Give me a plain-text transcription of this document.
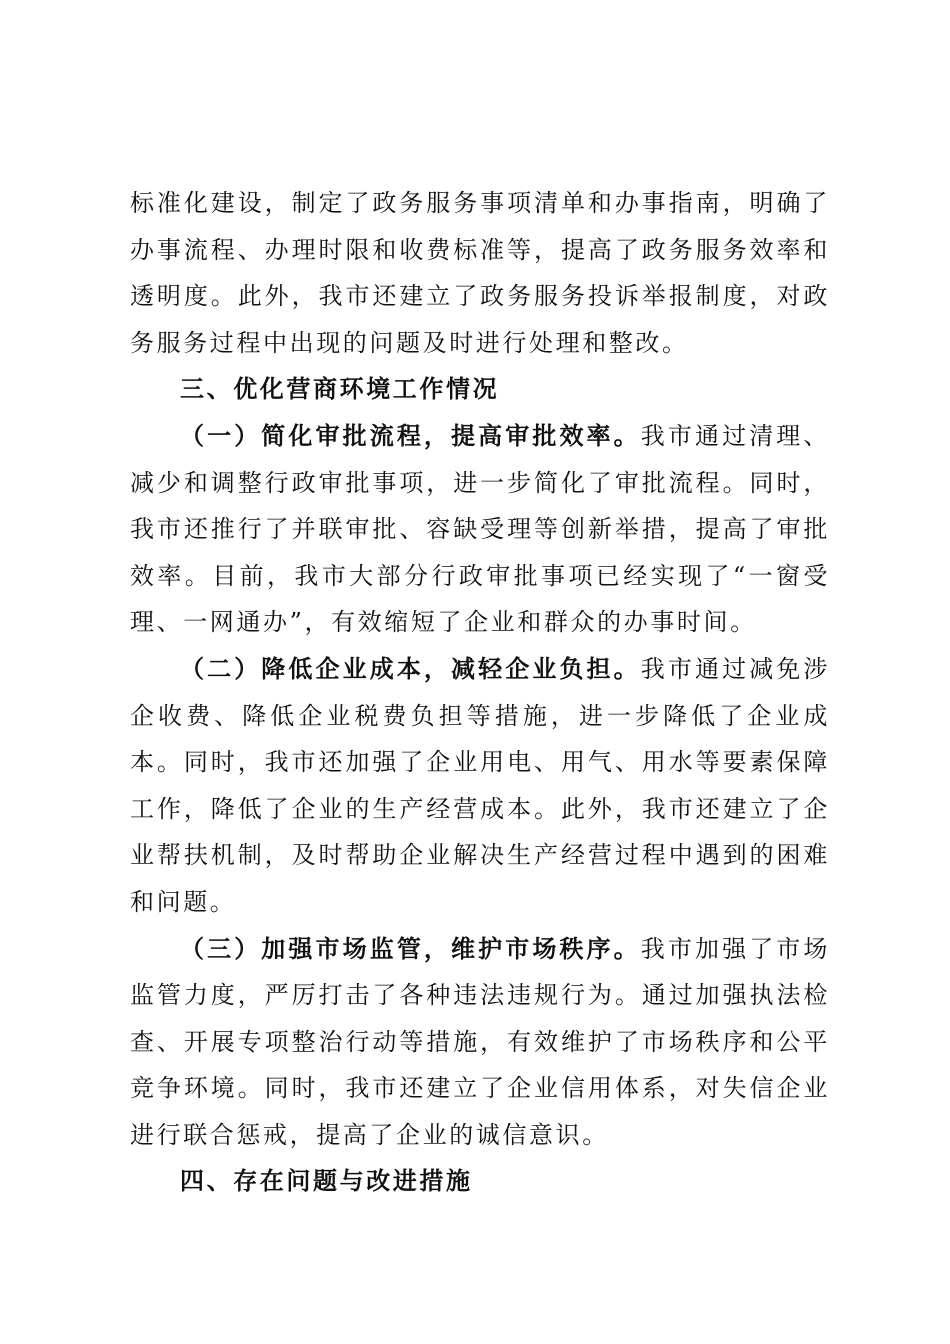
标准化建设，制定了政务服务事项清单和办事指南，明确了办事流程、办理时限和收费标准等，提高了政务服务效率和透明度。此外，我市还建立了政务服务投诉举报制度，对政务服务过程中出现的问题及时进行处理和整改。

三、优化营商环境工作情况

（一）简化审批流程，提高审批效率。我市通过清理、减少和调整行政审批事项，进一步简化了审批流程。同时，我市还推行了并联审批、容缺受理等创新举措，提高了审批效率。目前，我市大部分行政审批事项已经实现了“一窗受理、一网通办”，有效缩短了企业和群众的办事时间。

（二）降低企业成本，减轻企业负担。我市通过减免涉企收费、降低企业税费负担等措施，进一步降低了企业成本。同时，我市还加强了企业用电、用气、用水等要素保障工作，降低了企业的生产经营成本。此外，我市还建立了企业帮扶机制，及时帮助企业解决生产经营过程中遇到的困难和问题。

（三）加强市场监管，维护市场秩序。我市加强了市场监管力度，严厉打击了各种违法违规行为。通过加强执法检查、开展专项整治行动等措施，有效维护了市场秩序和公平竞争环境。同时，我市还建立了企业信用体系，对失信企业进行联合惩戒，提高了企业的诚信意识。

四、存在问题与改进措施
